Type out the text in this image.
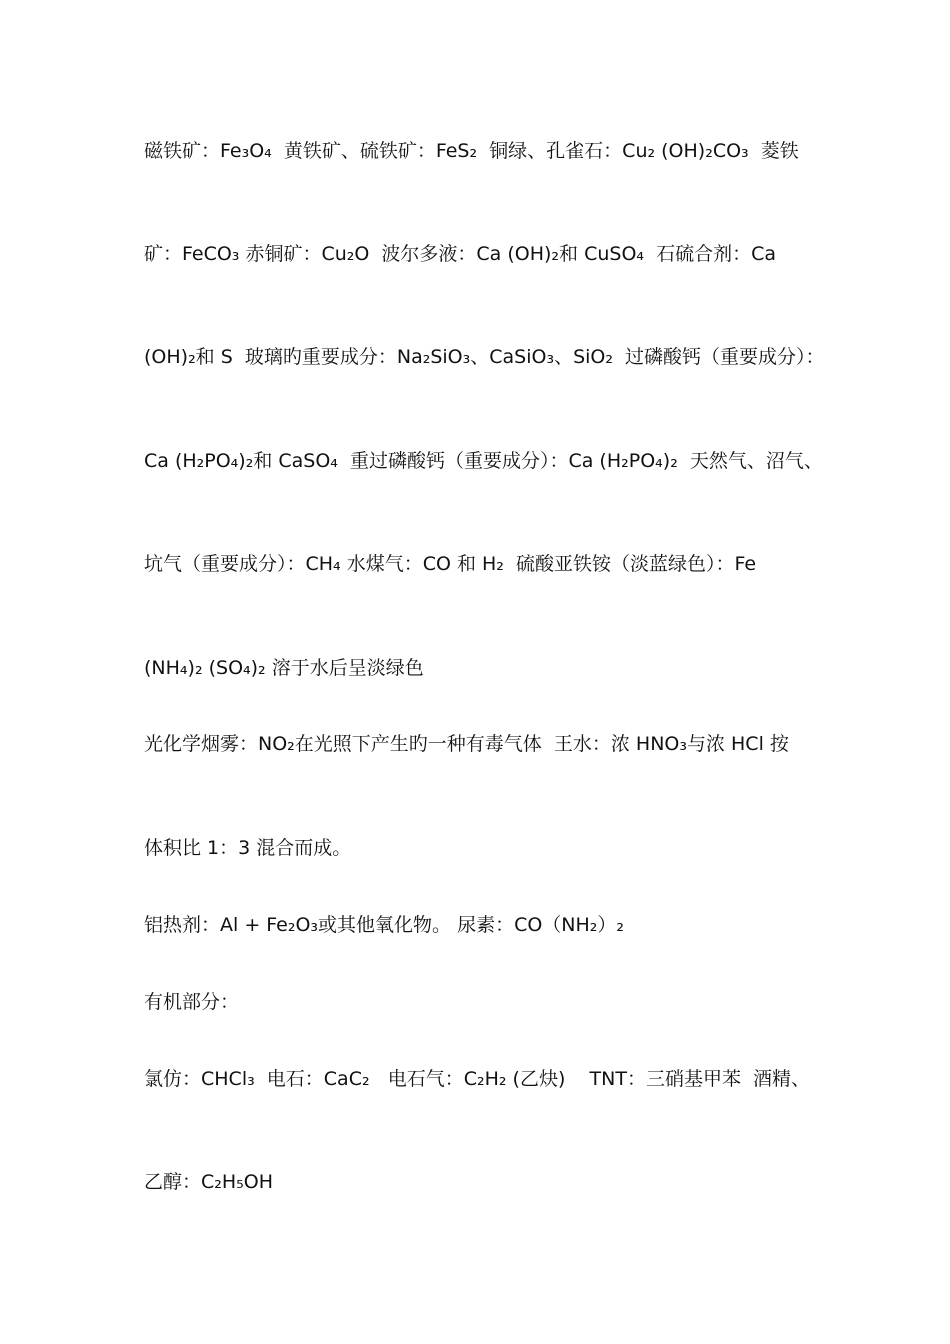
磁铁矿：Fe₃O₄  黄铁矿、硫铁矿：FeS₂  铜绿、孔雀石：Cu₂ (OH)₂CO₃  菱铁
矿：FeCO₃ 赤铜矿：Cu₂O  波尔多液：Ca (OH)₂和 CuSO₄  石硫合剂：Ca
(OH)₂和 S  玻璃旳重要成分：Na₂SiO₃、CaSiO₃、SiO₂  过磷酸钙（重要成分）：
Ca (H₂PO₄)₂和 CaSO₄  重过磷酸钙（重要成分）：Ca (H₂PO₄)₂  天然气、沼气、
坑气（重要成分）：CH₄ 水煤气：CO 和 H₂  硫酸亚铁铵（淡蓝绿色）：Fe
(NH₄)₂ (SO₄)₂ 溶于水后呈淡绿色
光化学烟雾：NO₂在光照下产生旳一种有毒气体  王水：浓 HNO₃与浓 HCl 按
体积比 1：3 混合而成。
铝热剂：Al + Fe₂O₃或其他氧化物。 尿素：CO（NH₂）₂
有机部分：
氯仿：CHCl₃  电石：CaC₂   电石气：C₂H₂ (乙炔)    TNT：三硝基甲苯  酒精、
乙醇：C₂H₅OH
